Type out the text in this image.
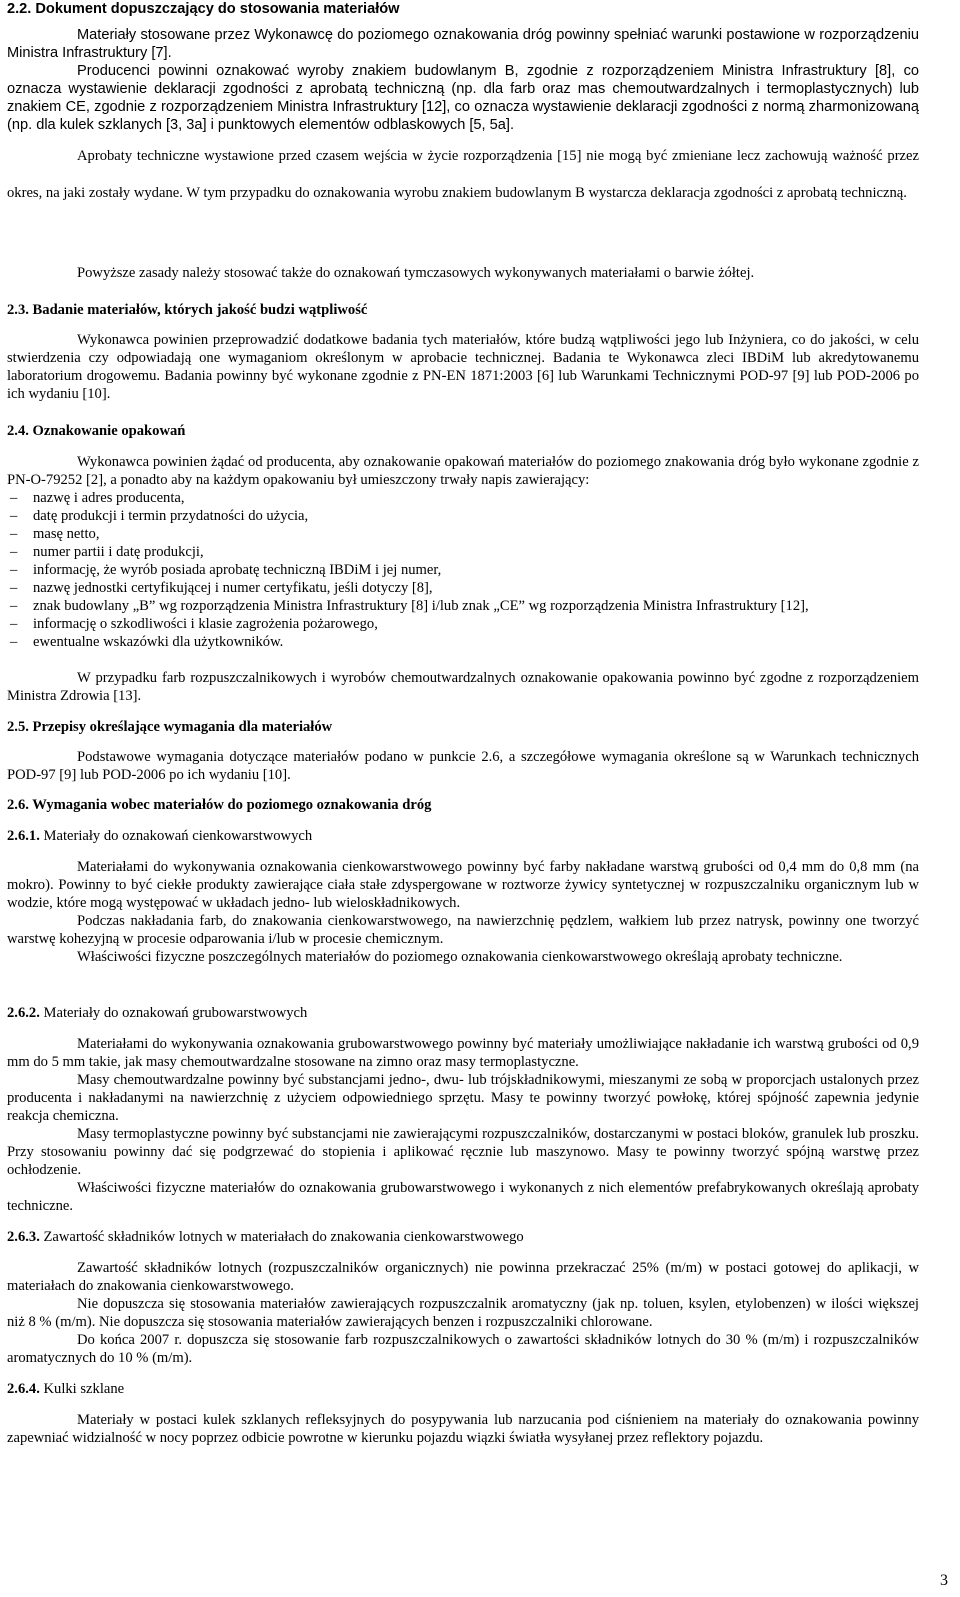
2.2. Dokument dopuszczający do stosowania materiałów

Materiały stosowane przez Wykonawcę do poziomego oznakowania dróg powinny spełniać warunki postawione w rozporządzeniu Ministra Infrastruktury [7].

Producenci powinni oznakować wyroby znakiem budowlanym B, zgodnie z rozporządzeniem Ministra Infrastruktury [8], co oznacza wystawienie deklaracji zgodności z aprobatą techniczną (np. dla farb oraz mas chemoutwardzalnych i termoplastycznych) lub znakiem CE, zgodnie z rozporządzeniem Ministra Infrastruktury [12], co oznacza wystawienie deklaracji zgodności z normą zharmonizowaną (np. dla kulek szklanych [3, 3a] i punktowych elementów odblaskowych [5, 5a].

Aprobaty techniczne wystawione przed czasem wejścia w życie rozporządzenia [15] nie mogą być zmieniane lecz zachowują ważność przez okres, na jaki zostały wydane. W tym przypadku do oznakowania wyrobu znakiem budowlanym B wystarcza deklaracja zgodności z aprobatą techniczną.

Powyższe zasady należy stosować także do oznakowań tymczasowych wykonywanych materiałami o barwie żółtej.

2.3. Badanie materiałów, których jakość budzi wątpliwość

Wykonawca powinien przeprowadzić dodatkowe badania tych materiałów, które budzą wątpliwości jego lub Inżyniera, co do jakości, w celu stwierdzenia czy odpowiadają one wymaganiom określonym w aprobacie technicznej. Badania te Wykonawca zleci IBDiM lub akredytowanemu laboratorium drogowemu. Badania powinny być wykonane zgodnie z PN-EN 1871:2003 [6] lub Warunkami Technicznymi POD-97 [9] lub POD-2006 po ich wydaniu [10].

2.4. Oznakowanie opakowań

Wykonawca powinien żądać od producenta, aby oznakowanie opakowań materiałów do poziomego znakowania dróg było wykonane zgodnie z PN-O-79252 [2], a ponadto aby na każdym opakowaniu był umieszczony trwały napis zawierający:

– nazwę i adres producenta,
– datę produkcji i termin przydatności do użycia,
– masę netto,
– numer partii i datę produkcji,
– informację, że wyrób posiada aprobatę techniczną IBDiM i jej numer,
– nazwę jednostki certyfikującej i numer certyfikatu, jeśli dotyczy [8],
– znak budowlany „B” wg rozporządzenia Ministra Infrastruktury [8] i/lub znak „CE” wg rozporządzenia Ministra Infrastruktury [12],
– informację o szkodliwości i klasie zagrożenia pożarowego,
– ewentualne wskazówki dla użytkowników.

W przypadku farb rozpuszczalnikowych i wyrobów chemoutwardzalnych oznakowanie opakowania powinno być zgodne z rozporządzeniem Ministra Zdrowia [13].

2.5. Przepisy określające wymagania dla materiałów

Podstawowe wymagania dotyczące materiałów podano w punkcie 2.6, a szczegółowe wymagania określone są w Warunkach technicznych POD-97 [9] lub POD-2006 po ich wydaniu [10].

2.6. Wymagania wobec materiałów do poziomego oznakowania dróg
2.6.1. Materiały do oznakowań cienkowarstwowych

Materiałami do wykonywania oznakowania cienkowarstwowego powinny być farby nakładane warstwą grubości od 0,4 mm do 0,8 mm (na mokro). Powinny to być ciekłe produkty zawierające ciała stałe zdyspergowane w roztworze żywicy syntetycznej w rozpuszczalniku organicznym lub w wodzie, które mogą występować w układach jedno- lub wieloskładnikowych.

Podczas nakładania farb, do znakowania cienkowarstwowego, na nawierzchnię pędzlem, wałkiem lub przez natrysk, powinny one tworzyć warstwę kohezyjną w procesie odparowania i/lub w procesie chemicznym.

Właściwości fizyczne poszczególnych materiałów do poziomego oznakowania cienkowarstwowego określają aprobaty techniczne.

2.6.2. Materiały do oznakowań grubowarstwowych

Materiałami do wykonywania oznakowania grubowarstwowego powinny być materiały umożliwiające nakładanie ich warstwą grubości od 0,9 mm do 5 mm takie, jak masy chemoutwardzalne stosowane na zimno oraz masy termoplastyczne.

Masy chemoutwardzalne powinny być substancjami jedno-, dwu- lub trójskładnikowymi, mieszanymi ze sobą w proporcjach ustalonych przez producenta i nakładanymi na nawierzchnię z użyciem odpowiedniego sprzętu. Masy te powinny tworzyć powłokę, której spójność zapewnia jedynie reakcja chemiczna.

Masy termoplastyczne powinny być substancjami nie zawierającymi rozpuszczalników, dostarczanymi w postaci bloków, granulek lub proszku. Przy stosowaniu powinny dać się podgrzewać do stopienia i aplikować ręcznie lub maszynowo. Masy te powinny tworzyć spójną warstwę przez ochłodzenie.

Właściwości fizyczne materiałów do oznakowania grubowarstwowego i wykonanych z nich elementów prefabrykowanych określają aprobaty techniczne.

2.6.3. Zawartość składników lotnych w materiałach do znakowania cienkowarstwowego

Zawartość składników lotnych (rozpuszczalników organicznych) nie powinna przekraczać 25% (m/m) w postaci gotowej do aplikacji, w materiałach do znakowania cienkowarstwowego.

Nie dopuszcza się stosowania materiałów zawierających rozpuszczalnik aromatyczny (jak np. toluen, ksylen, etylobenzen) w ilości większej niż 8 % (m/m). Nie dopuszcza się stosowania materiałów zawierających benzen i rozpuszczalniki chlorowane.

Do końca 2007 r. dopuszcza się stosowanie farb rozpuszczalnikowych o zawartości składników lotnych do 30 % (m/m) i rozpuszczalników aromatycznych do 10 % (m/m).

2.6.4. Kulki szklane

Materiały w postaci kulek szklanych refleksyjnych do posypywania lub narzucania pod ciśnieniem na materiały do oznakowania powinny zapewniać widzialność w nocy poprzez odbicie powrotne w kierunku pojazdu wiązki światła wysyłanej przez reflektory pojazdu.

3
